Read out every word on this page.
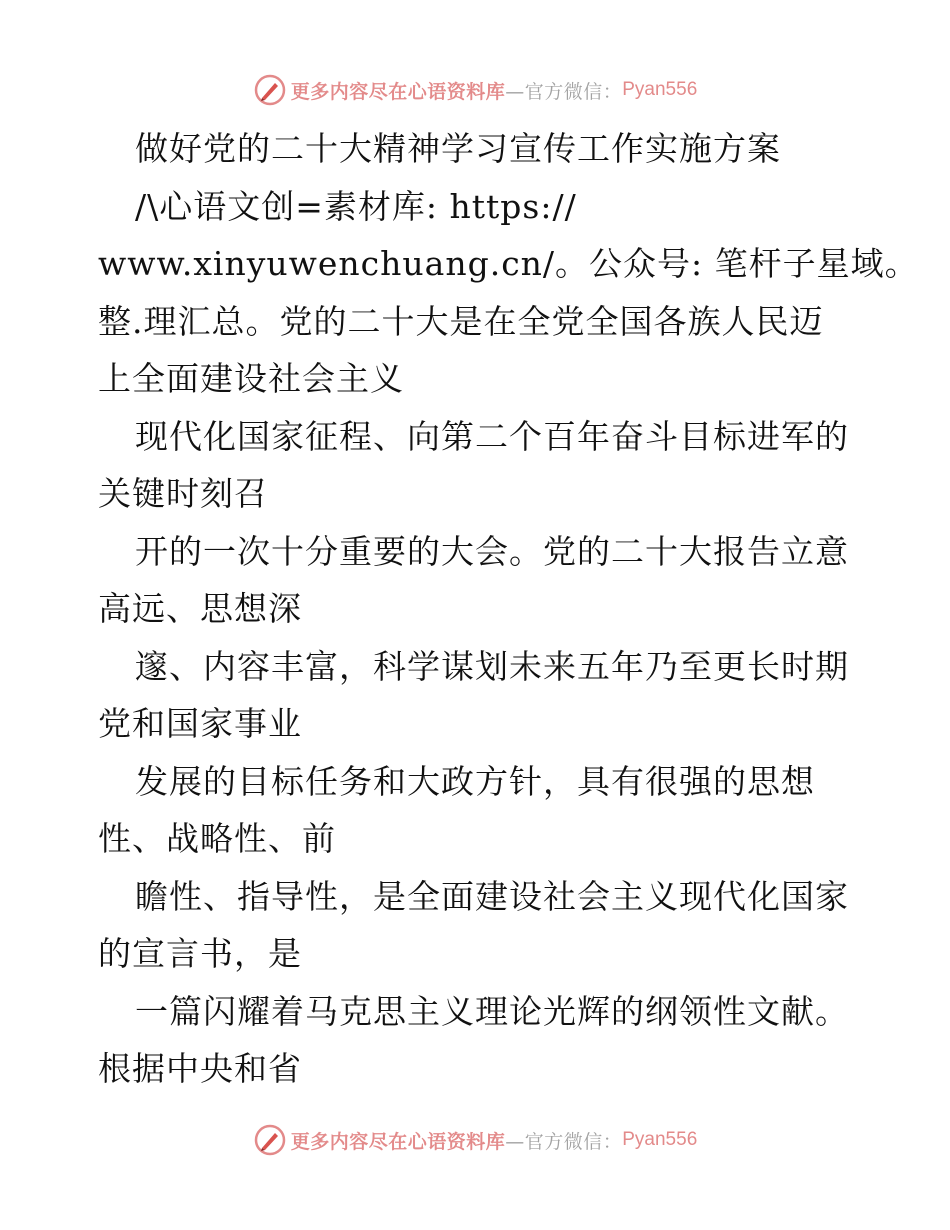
更多内容尽在心语资料库 —官方微信： Pyan556
做好党的二十大精神学习宣传工作实施方案
/\心语文创=素材库: https://
www.xinyuwenchuang.cn/。公众号: 笔杆子星域。
整.理汇总。党的二十大是在全党全国各族人民迈
上全面建设社会主义
现代化国家征程、向第二个百年奋斗目标进军的
关键时刻召
开的一次十分重要的大会。党的二十大报告立意
高远、思想深
邃、内容丰富，科学谋划未来五年乃至更长时期
党和国家事业
发展的目标任务和大政方针，具有很强的思想
性、战略性、前
瞻性、指导性，是全面建设社会主义现代化国家
的宣言书，是
一篇闪耀着马克思主义理论光辉的纲领性文献。
根据中央和省
更多内容尽在心语资料库 —官方微信： Pyan556
